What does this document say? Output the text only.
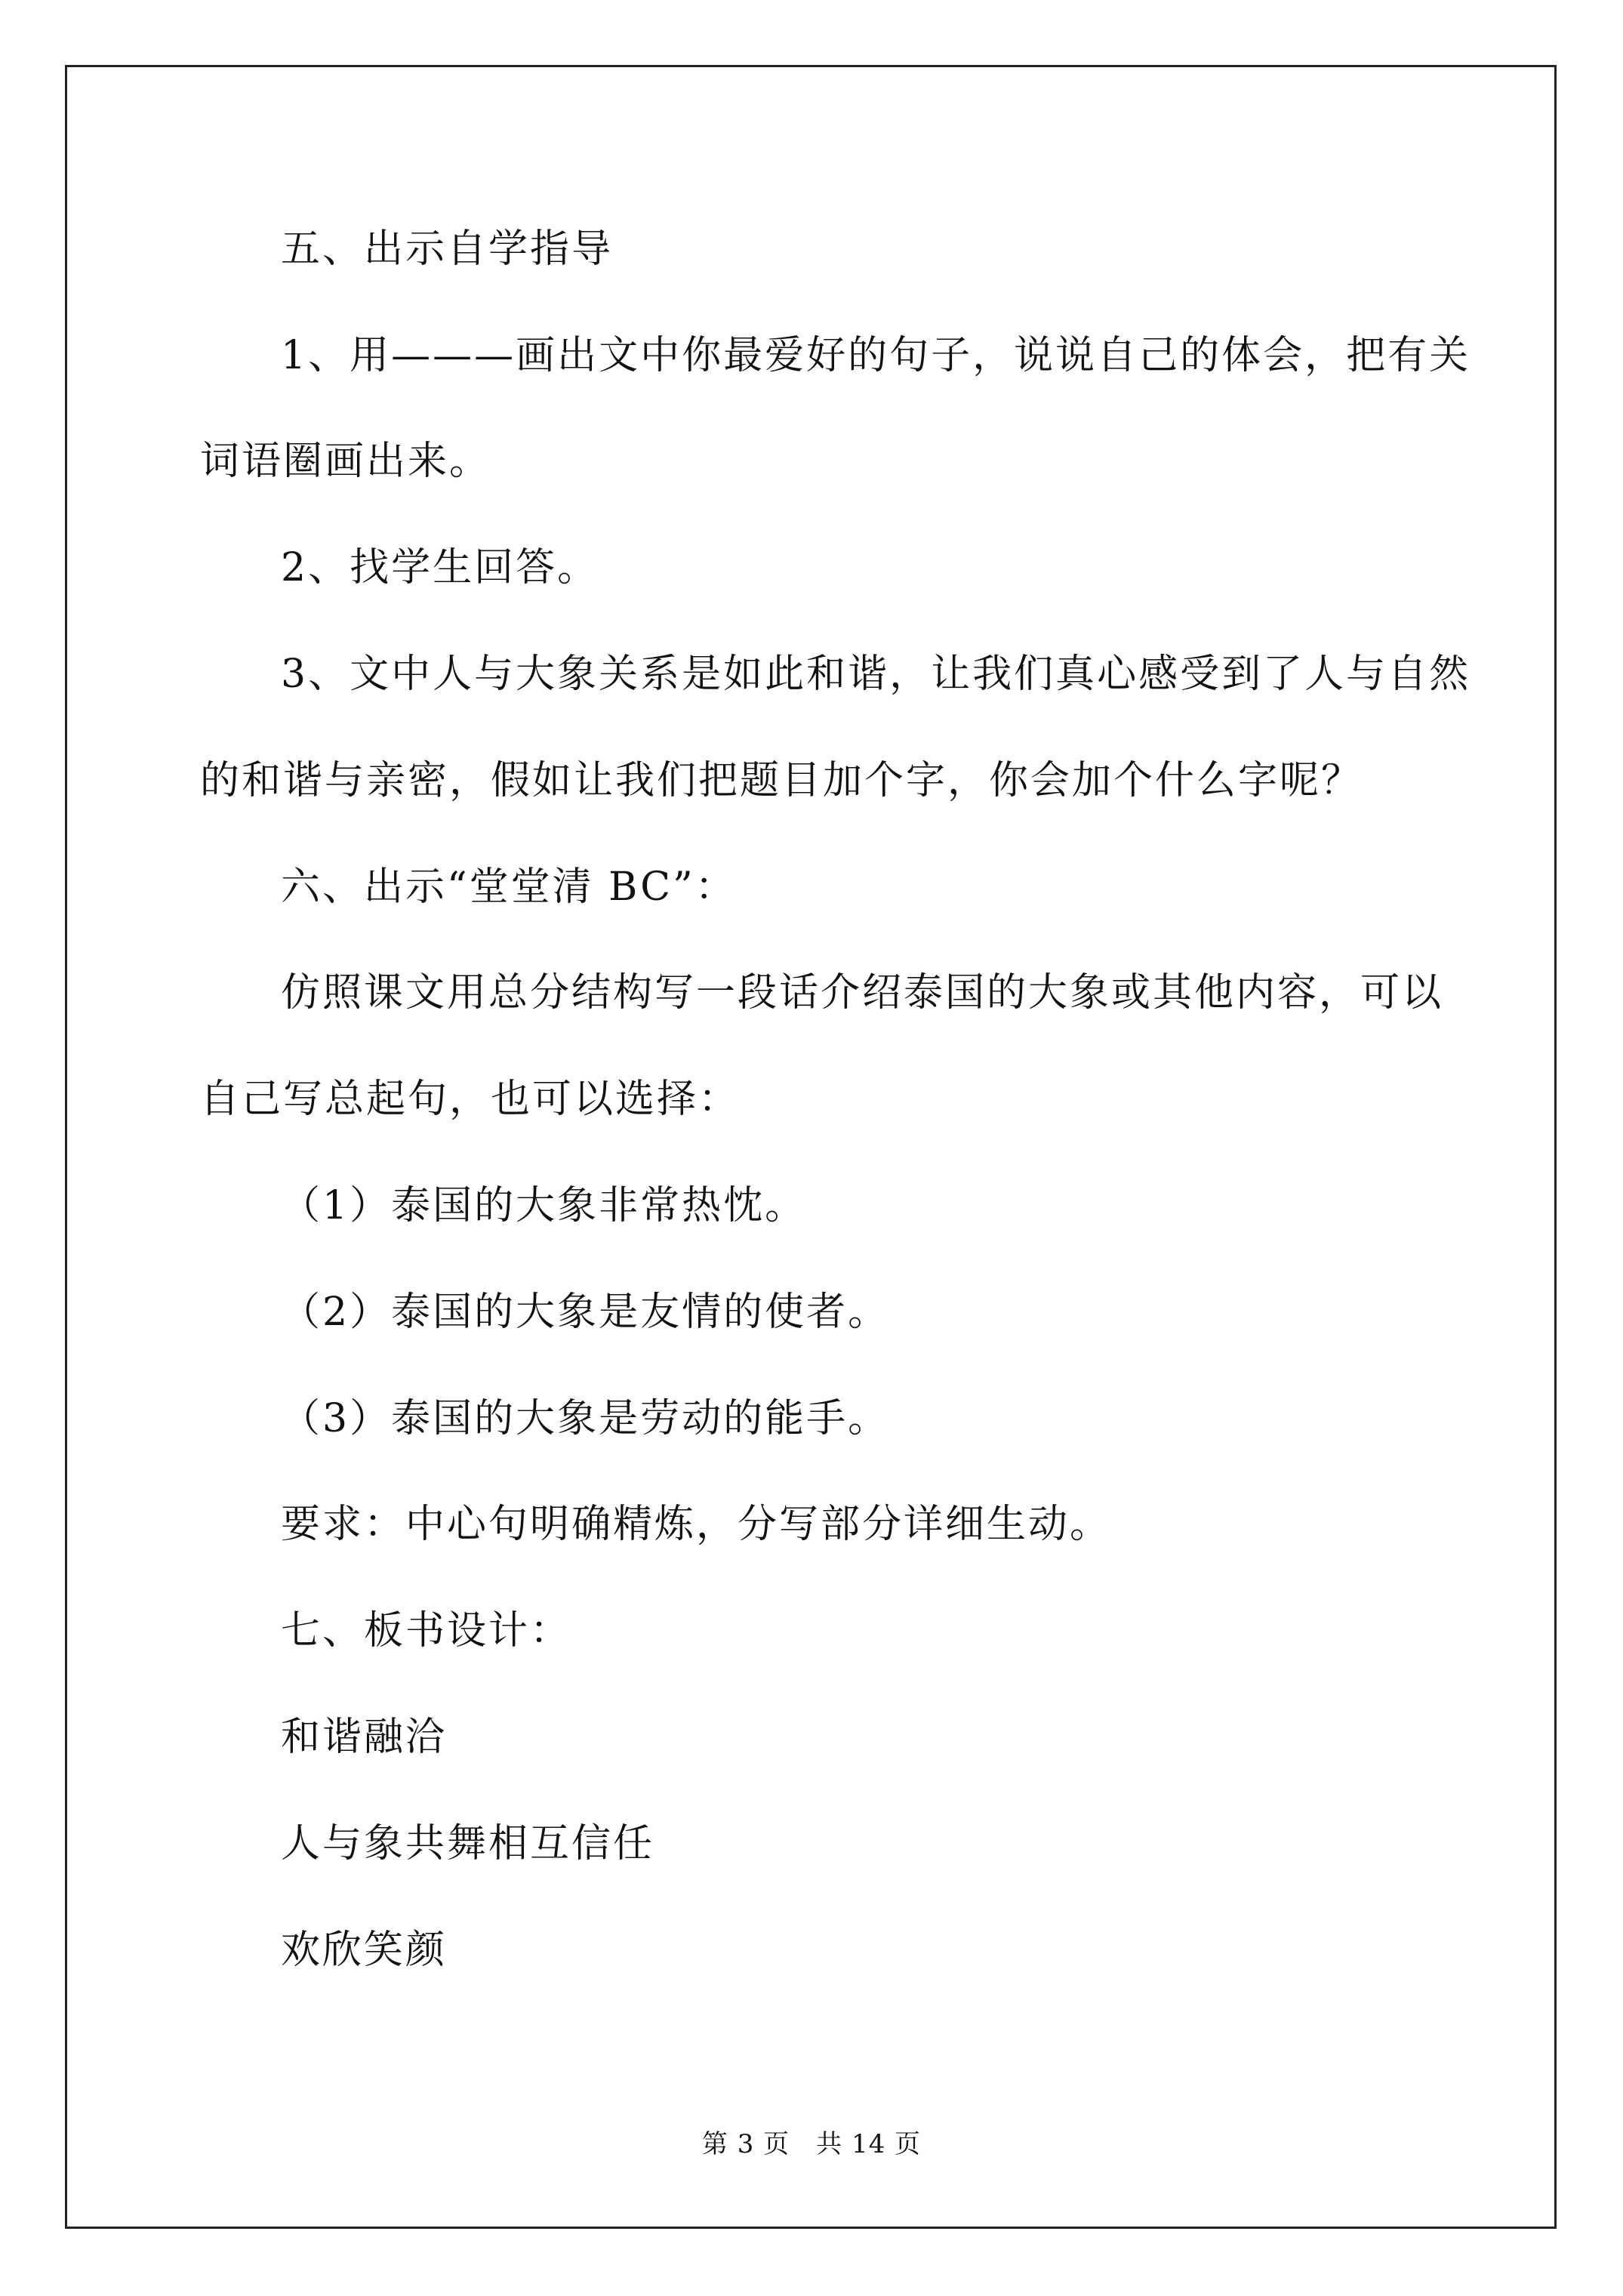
五、出示自学指导
1、用———画出文中你最爱好的句子，说说自己的体会，把有关
词语圈画出来。
2、找学生回答。
3、文中人与大象关系是如此和谐，让我们真心感受到了人与自然
的和谐与亲密，假如让我们把题目加个字，你会加个什么字呢？
六、出示“堂堂清 BC”：
仿照课文用总分结构写一段话介绍泰国的大象或其他内容，可以
自己写总起句，也可以选择：
（1）泰国的大象非常热忱。
（2）泰国的大象是友情的使者。
（3）泰国的大象是劳动的能手。
要求：中心句明确精炼，分写部分详细生动。
七、板书设计：
和谐融洽
人与象共舞相互信任
欢欣笑颜
第 3 页　共 14 页
